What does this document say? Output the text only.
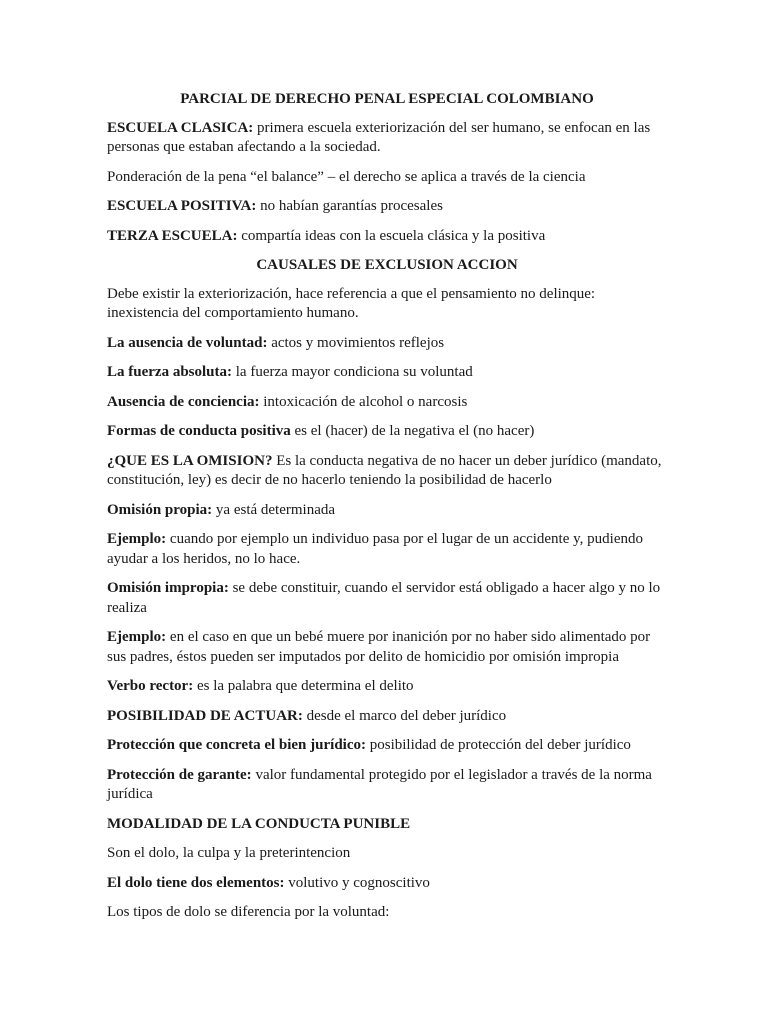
PARCIAL DE DERECHO PENAL ESPECIAL COLOMBIANO

ESCUELA CLASICA: primera escuela exteriorización del ser humano, se enfocan en las personas que estaban afectando a la sociedad.

Ponderación de la pena “el balance” – el derecho se aplica a través de la ciencia

ESCUELA POSITIVA: no habían garantías procesales

TERZA ESCUELA: compartía ideas con la escuela clásica y la positiva

CAUSALES DE EXCLUSION ACCION

Debe existir la exteriorización, hace referencia a que el pensamiento no delinque: inexistencia del comportamiento humano.

La ausencia de voluntad: actos y movimientos reflejos

La fuerza absoluta: la fuerza mayor condiciona su voluntad

Ausencia de conciencia: intoxicación de alcohol o narcosis

Formas de conducta positiva es el (hacer) de la negativa el (no hacer)

¿QUE ES LA OMISION? Es la conducta negativa de no hacer un deber jurídico (mandato, constitución, ley) es decir de no hacerlo teniendo la posibilidad de hacerlo

Omisión propia: ya está determinada

Ejemplo: cuando por ejemplo un individuo pasa por el lugar de un accidente y, pudiendo ayudar a los heridos, no lo hace.

Omisión impropia: se debe constituir, cuando el servidor está obligado a hacer algo y no lo realiza

Ejemplo: en el caso en que un bebé muere por inanición por no haber sido alimentado por sus padres, éstos pueden ser imputados por delito de homicidio por omisión impropia

Verbo rector: es la palabra que determina el delito

POSIBILIDAD DE ACTUAR: desde el marco del deber jurídico

Protección que concreta el bien jurídico: posibilidad de protección del deber jurídico

Protección de garante: valor fundamental protegido por el legislador a través de la norma jurídica

MODALIDAD DE LA CONDUCTA PUNIBLE

Son el dolo, la culpa y la preterintencion

El dolo tiene dos elementos: volutivo y cognoscitivo

Los tipos de dolo se diferencia por la voluntad:
